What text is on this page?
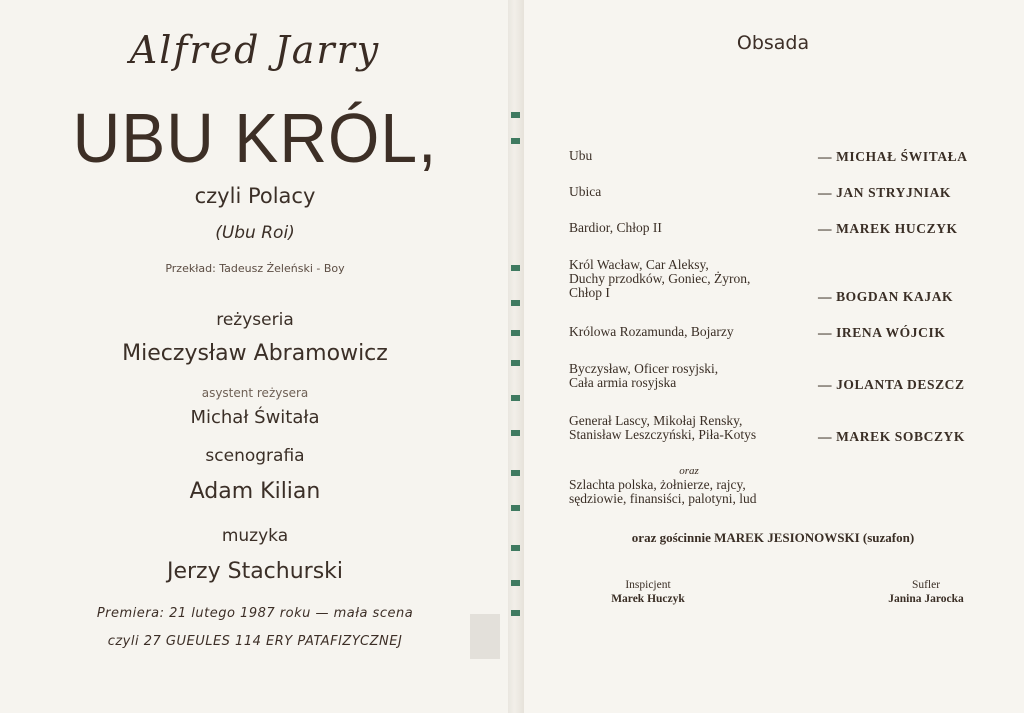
Alfred Jarry
UBU KRÓL,
czyli Polacy
(Ubu Roi)
Przekład: Tadeusz Żeleński - Boy
reżyseria
Mieczysław Abramowicz
asystent reżysera
Michał Świtała
scenografia
Adam Kilian
muzyka
Jerzy Stachurski
Premiera: 21 lutego 1987 roku — mała scena
czyli 27 GUEULES 114 ERY PATAFIZYCZNEJ
Obsada
Ubu	— MICHAŁ ŚWITAŁA
Ubica	— JAN STRYJNIAK
Bardior, Chłop II	— MAREK HUCZYK
Król Wacław, Car Aleksy,
Duchy przodków, Goniec, Żyron,
Chłop I	— BOGDAN KAJAK
Królowa Rozamunda, Bojarzy	— IRENA WÓJCIK
Byczysław, Oficer rosyjski,
Cała armia rosyjska	— JOLANTA DESZCZ
Generał Lascy, Mikołaj Rensky,
Stanisław Leszczyński, Piła-Kotys	— MAREK SOBCZYK
oraz
Szlachta polska, żołnierze, rajcy,
sędziowie, finansiści, palotyni, lud
oraz gościnnie MAREK JESIONOWSKI (suzafon)
Inspicjent
Marek Huczyk
Sufler
Janina Jarocka
